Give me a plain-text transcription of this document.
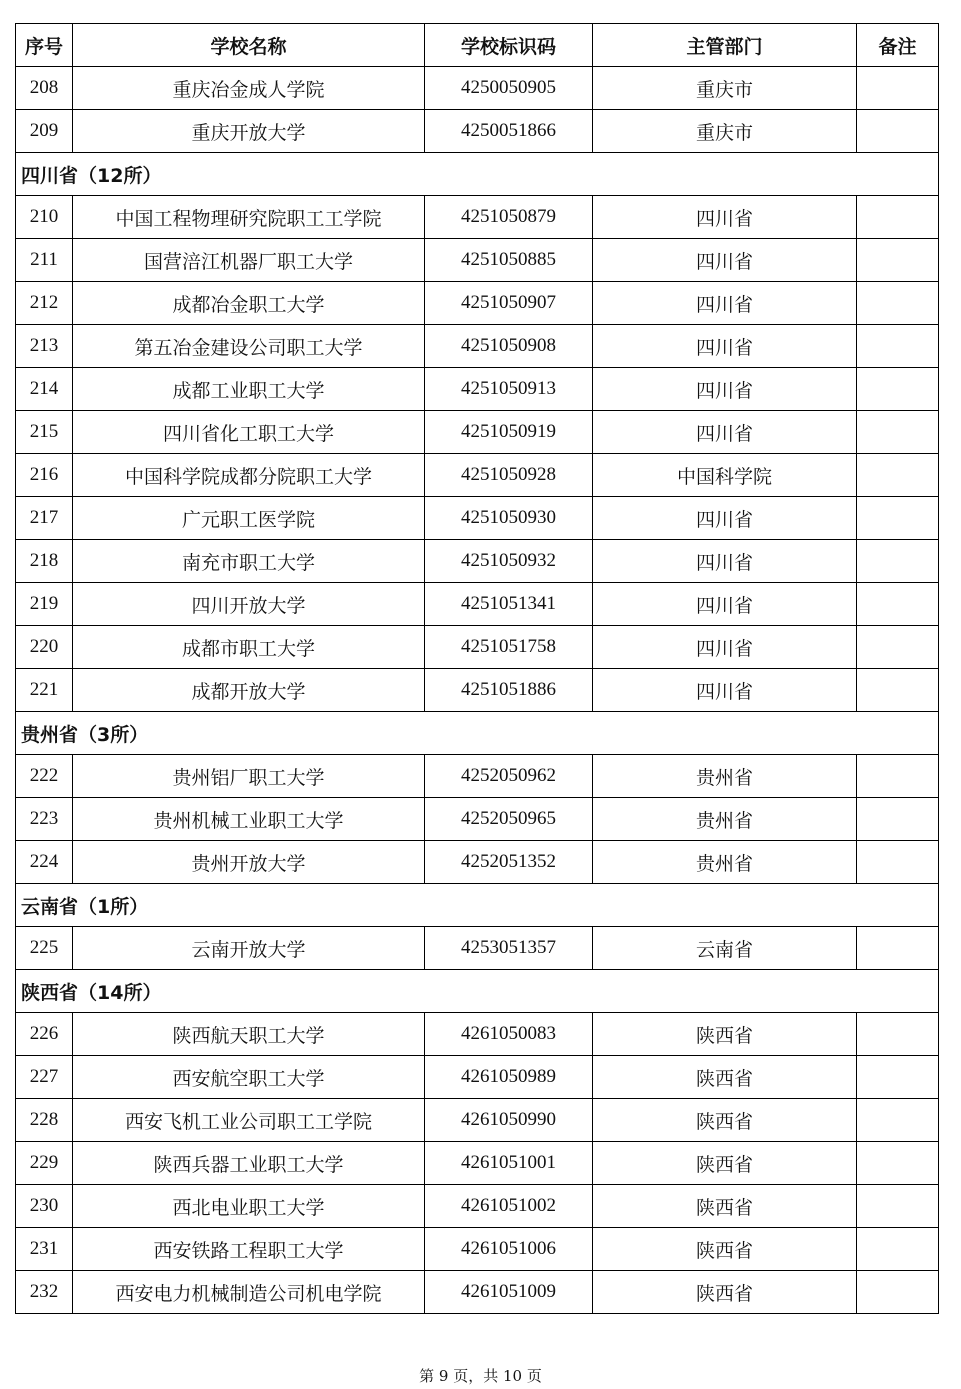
序号	学校名称	学校标识码	主管部门	备注
208	重庆冶金成人学院	4250050905	重庆市	
209	重庆开放大学	4250051866	重庆市	
四川省（12所）				
210	中国工程物理研究院职工工学院	4251050879	四川省	
211	国营涪江机器厂职工大学	4251050885	四川省	
212	成都冶金职工大学	4251050907	四川省	
213	第五冶金建设公司职工大学	4251050908	四川省	
214	成都工业职工大学	4251050913	四川省	
215	四川省化工职工大学	4251050919	四川省	
216	中国科学院成都分院职工大学	4251050928	中国科学院	
217	广元职工医学院	4251050930	四川省	
218	南充市职工大学	4251050932	四川省	
219	四川开放大学	4251051341	四川省	
220	成都市职工大学	4251051758	四川省	
221	成都开放大学	4251051886	四川省	
贵州省（3所）				
222	贵州铝厂职工大学	4252050962	贵州省	
223	贵州机械工业职工大学	4252050965	贵州省	
224	贵州开放大学	4252051352	贵州省	
云南省（1所）				
225	云南开放大学	4253051357	云南省	
陕西省（14所）				
226	陕西航天职工大学	4261050083	陕西省	
227	西安航空职工大学	4261050989	陕西省	
228	西安飞机工业公司职工工学院	4261050990	陕西省	
229	陕西兵器工业职工大学	4261051001	陕西省	
230	西北电业职工大学	4261051002	陕西省	
231	西安铁路工程职工大学	4261051006	陕西省	
232	西安电力机械制造公司机电学院	4261051009	陕西省	
第 9 页，共 10 页
